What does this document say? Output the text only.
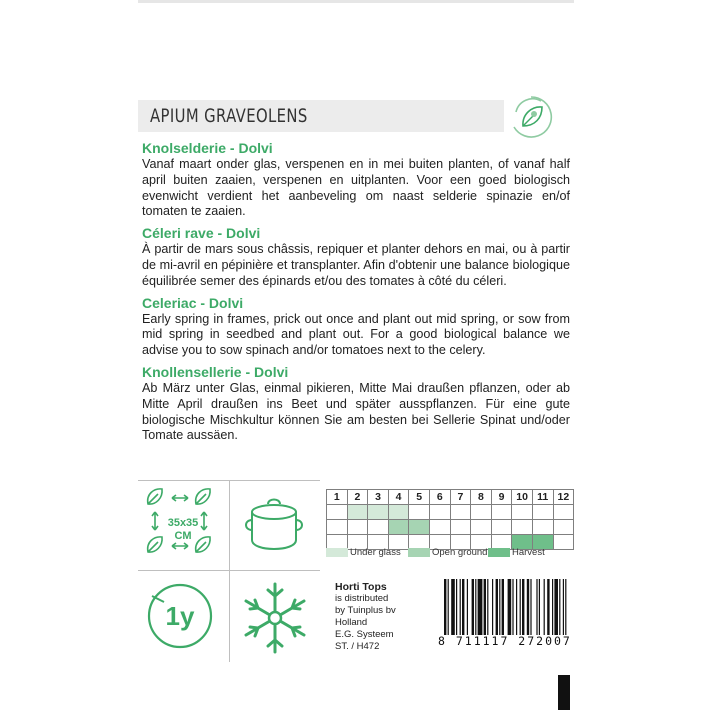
APIUM GRAVEOLENS
Knolselderie - Dolvi

Vanaf maart onder glas, verspenen en in mei buiten planten, of vanaf half april buiten zaaien, verspenen en uitplanten. Voor een goed biologisch evenwicht verdient het aanbeveling om naast selderie spinazie en/of tomaten te zaaien.

Céleri rave - Dolvi

À partir de mars sous châssis, repiquer et planter dehors en mai, ou à partir de mi-avril en pépinière et transplanter. Afin d'obtenir une balance biologique équilibrée semer des épinards et/ou des tomates à côté du céleri.

Celeriac - Dolvi

Early spring in frames, prick out once and plant out mid spring, or sow from mid spring in seedbed and plant out. For a good biological balance we advise you to sow spinach and/or tomatoes next to the celery.

Knollensellerie - Dolvi

Ab März unter Glas, einmal pikieren, Mitte Mai draußen pflanzen, oder ab Mitte April draußen ins Beet und später ausspflanzen. Für eine gute biologische Mischkultur können Sie am besten bei Sellerie Spinat und/oder Tomate aussäen.

35x35
CM
1y
1	2	3	4	5	6	7	8	9	10	11	12

Under glass	Open ground	Harvest
Horti Tops
is distributed
by Tuinplus bv
Holland
E.G. Systeem
ST. / H472	8 711117 272007
